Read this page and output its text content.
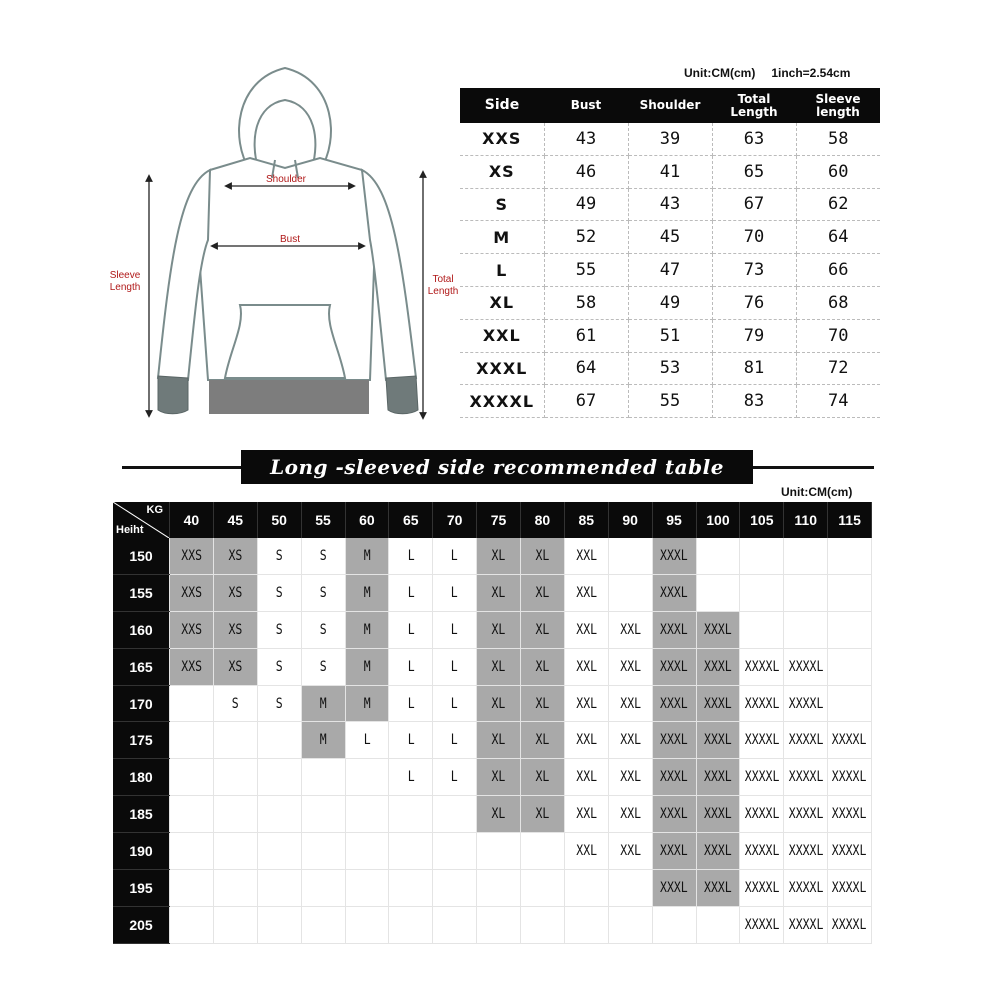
Shoulder
Bust
Sleeve
Length
Total
Length
Unit:CM(cm) 1inch=2.54cm
Side	Bust	Shoulder	Total Length	Sleeve length
XXS	43	39	63	58
XS	46	41	65	60
S	49	43	67	62
M	52	45	70	64
L	55	47	73	66
XL	58	49	76	68
XXL	61	51	79	70
XXXL	64	53	81	72
XXXXL	67	55	83	74
Long -sleeved side recommended table
Unit:CM(cm)
KG
Heiht	40	45	50	55	60	65	70	75	80	85	90	95	100	105	110	115
150	XXS	XS	S	S	M	L	L	XL	XL	XXL		XXXL				
155	XXS	XS	S	S	M	L	L	XL	XL	XXL		XXXL				
160	XXS	XS	S	S	M	L	L	XL	XL	XXL	XXL	XXXL	XXXL			
165	XXS	XS	S	S	M	L	L	XL	XL	XXL	XXL	XXXL	XXXL	XXXXL	XXXXL	
170		S	S	M	M	L	L	XL	XL	XXL	XXL	XXXL	XXXL	XXXXL	XXXXL	
175				M	L	L	L	XL	XL	XXL	XXL	XXXL	XXXL	XXXXL	XXXXL	XXXXL
180						L	L	XL	XL	XXL	XXL	XXXL	XXXL	XXXXL	XXXXL	XXXXL
185								XL	XL	XXL	XXL	XXXL	XXXL	XXXXL	XXXXL	XXXXL
190										XXL	XXL	XXXL	XXXL	XXXXL	XXXXL	XXXXL
195												XXXL	XXXL	XXXXL	XXXXL	XXXXL
205														XXXXL	XXXXL	XXXXL
